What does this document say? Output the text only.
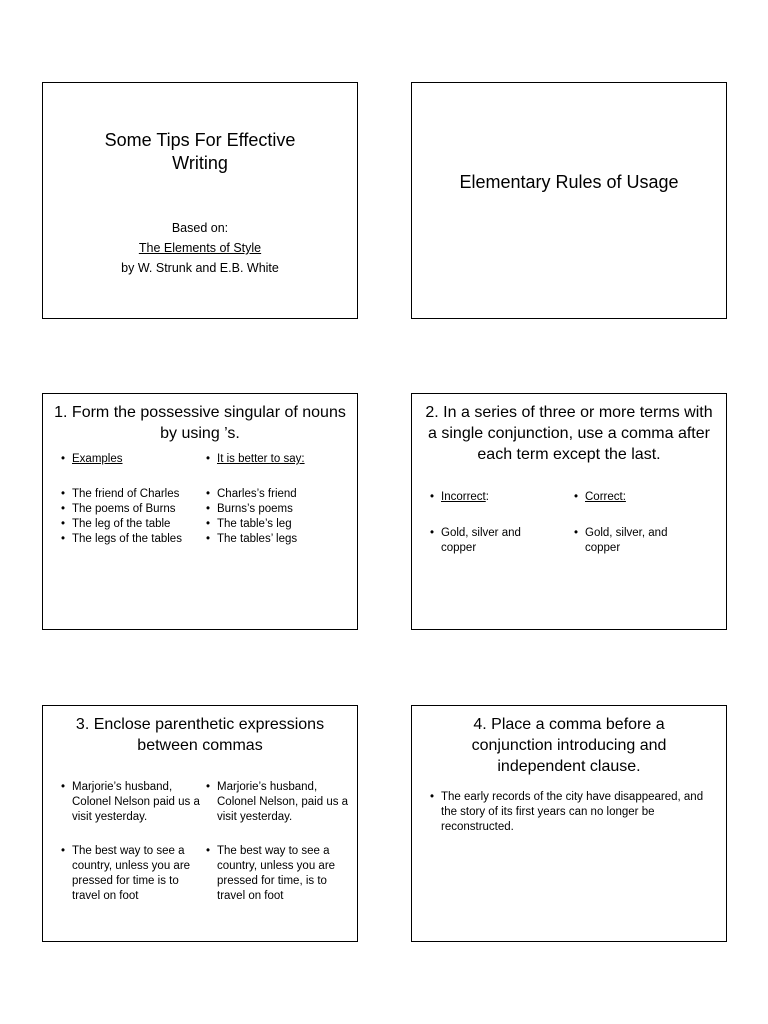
Some Tips For Effective Writing
Based on:
The Elements of Style
by W. Strunk and E.B. White
Elementary Rules of Usage
1. Form the possessive singular of nouns by using ’s.
• Examples
• The friend of Charles
• The poems of Burns
• The leg of the table
• The legs of the tables
• It is better to say:
• Charles’s friend
• Burns’s poems
• The table’s leg
• The tables’ legs
2. In a series of three or more terms with a single conjunction, use a comma after each term except the last.
• Incorrect:
• Gold, silver and copper
• Correct:
• Gold, silver, and copper
3. Enclose parenthetic expressions between commas
• Marjorie’s husband, Colonel Nelson paid us a visit yesterday.
• The best way to see a country, unless you are pressed for time is to travel on foot
• Marjorie’s husband, Colonel Nelson, paid us a visit yesterday.
• The best way to see a country, unless you are pressed for time, is to travel on foot
4. Place a comma before a conjunction introducing and independent clause.
• The early records of the city have disappeared, and the story of its first years can no longer be reconstructed.
